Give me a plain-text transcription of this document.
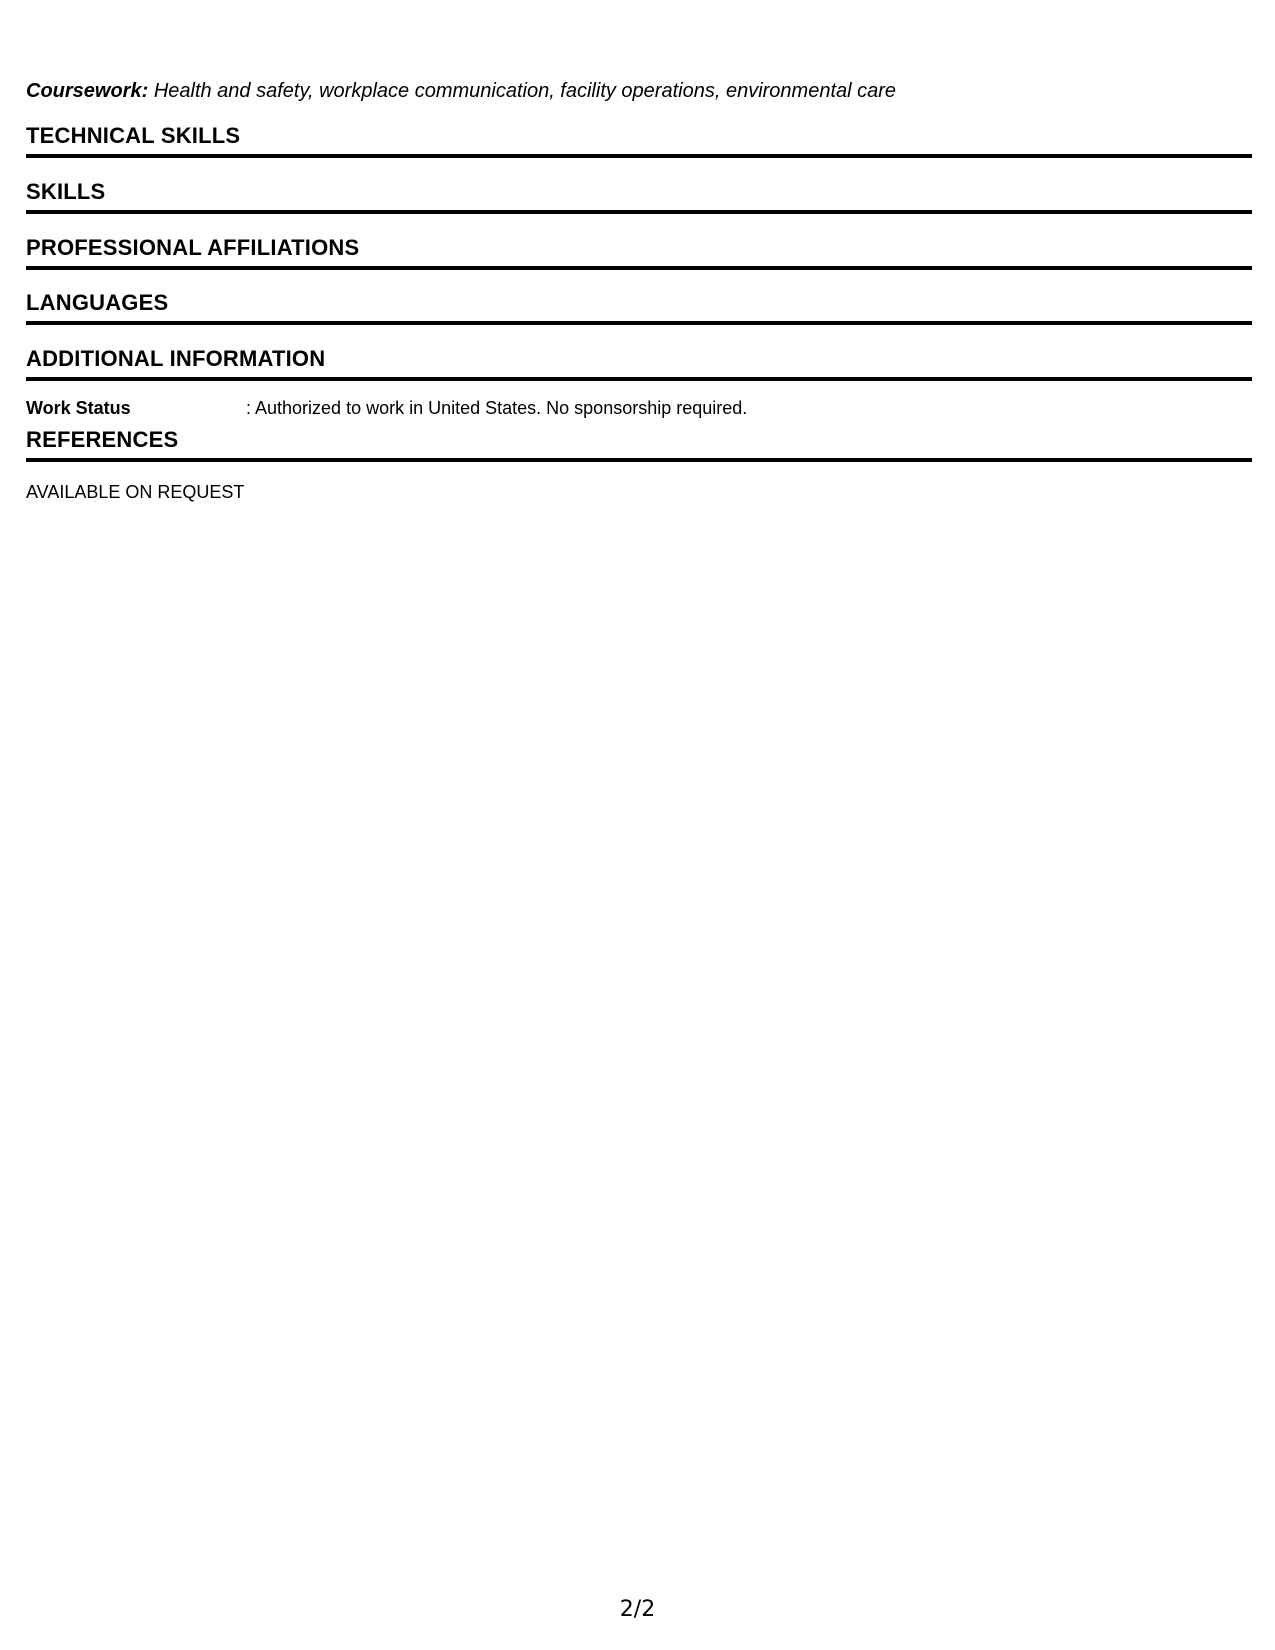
Coursework: Health and safety, workplace communication, facility operations, environmental care
TECHNICAL SKILLS
SKILLS
PROFESSIONAL AFFILIATIONS
LANGUAGES
ADDITIONAL INFORMATION
Work Status	: Authorized to work in United States. No sponsorship required.
REFERENCES
AVAILABLE ON REQUEST
2/2
